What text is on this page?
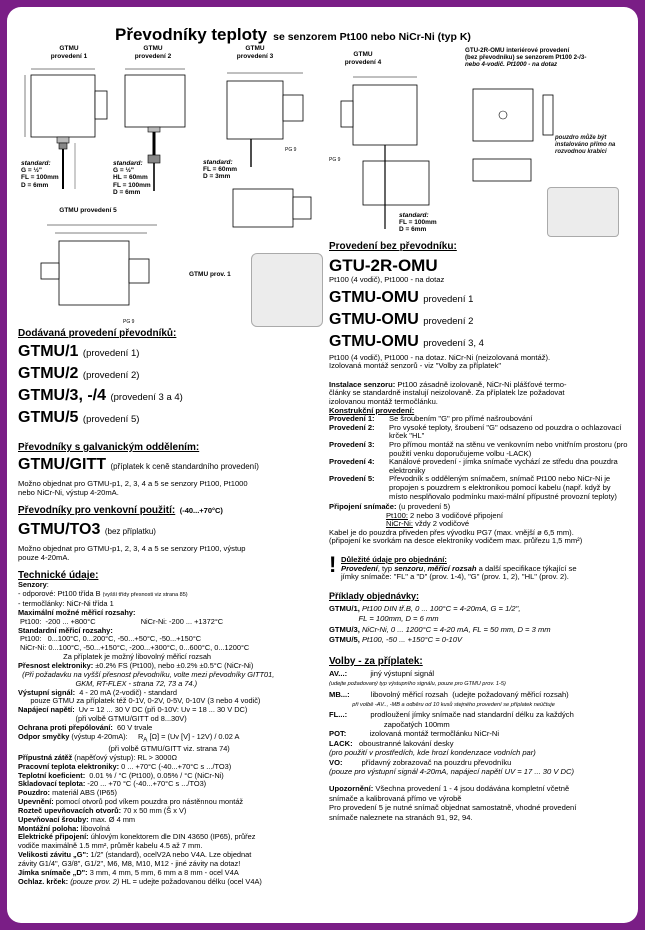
Převodníky teploty se senzorem Pt100 nebo NiCr-Ni (typ K)
GTMU
provedení 1
standard:
G = ½"
FL = 100mm
D = 6mm
GTMU
provedení 2
standard:
G = ½"
HL = 60mm
FL = 100mm
D = 6mm
GTMU
provedení 3
PG 9
standard:
FL = 60mm
D = 3mm
GTMU
provedení 4
PG 9
standard:
FL = 100mm
D = 6mm
GTU-2R-OMU interiérové provedení
(bez převodníku) se senzorem Pt100 2-/3-
nebo 4-vodič. Pt1000 - na dotaz
pouzdro může být
instalováno přímo na
rozvodnou krabici
GTMU provedení 5
PG 9
GTMU prov. 1
Dodávaná provedení převodníků:
GTMU/1 (provedení 1)
GTMU/2 (provedení 2)
GTMU/3, -/4 (provedení 3 a 4)
GTMU/5 (provedení 5)
Převodníky s galvanickým oddělením:
GTMU/GITT (příplatek k ceně standardního provedení)
Možno objednat pro GTMU-p1, 2, 3, 4 a 5 se senzory Pt100, Pt1000
nebo NiCr-Ni, výstup 4-20mA.
Převodníky pro venkovní použití: (-40...+70°C)
GTMU/TO3 (bez příplatku)
Možno objednat pro GTMU-p1, 2, 3, 4 a 5 se senzory Pt100, výstup
pouze 4-20mA.
Technické údaje:
Senzory:
- odporové: Pt100 třída B (vyšší třídy přesnosti viz strana 85)
- termočlánky: NiCr-Ni třída 1
Maximální možné měřicí rozsahy:
Pt100:  -200 ... +800°C                      NiCr-Ni: -200 ... +1372°C
Standardní měřicí rozsahy:
Pt100:   0...100°C, 0...200°C, -50...+50°C, -50...+150°C
NiCr-Ni: 0...100°C, -50...+150°C, -200...+300°C, 0...600°C, 0...1200°C
Za příplatek je možný libovolný měřicí rozsah
Přesnost elektroniky: ±0.2% FS (Pt100), nebo ±0.2% ±0.5°C (NiCr-Ni)
(Při požadavku na vyšší přesnost převodníku, volte mezi převodníky GITT01,
GKM, RT-FLEX - strana 72, 73 a 74.)
Výstupní signál:  4 - 20 mA (2-vodič) - standard
pouze GTMU za příplatek též 0-1V, 0-2V, 0-5V, 0-10V (3 nebo 4 vodič)
Napájecí napětí:  Uv = 12 ... 30 V DC (při 0-10V: Uv = 18 ... 30 V DC)
(při volbě GTMU/GITT od 8...30V)
Ochrana proti přepólování:  60 V trvale
Odpor smyčky (výstup 4-20mA):     $R_A$ [Ω] = (Uv [V] - 12V) / 0.02 A
(při volbě GTMU/GITT viz. strana 74)
Přípustná zátěž (napěťový výstup): RL > 3000Ω
Pracovní teplota elektroniky: 0 ... +70°C (-40...+70°C s .../TO3)
Teplotní koeficient:  0.01 % / °C (Pt100), 0.05% / °C (NiCr-Ni)
Skladovací teplota: -20 ... +70 °C (-40...+70°C s .../TO3)
Pouzdro: materiál ABS (IP65)
Upevnění: pomocí otvorů pod víkem pouzdra pro nástěnnou montáž
Rozteč upevňovacích otvorů: 70 x 50 mm (Š x V)
Upevňovací šrouby: max. Ø 4 mm
Montážní poloha: libovolná
Elektrické připojení: úhlovým konektorem dle DIN 43650 (IP65), průřez
vodiče maximálně 1.5 mm², průměr kabelu 4.5 až 7 mm.
Velikosti závitu „G": 1/2" (standard), ocelV2A nebo V4A. Lze objednat
závity G1/4", G3/8", G1/2", M6, M8, M10, M12 - jiné závity na dotaz!
Jímka snímače „D": 3 mm, 4 mm, 5 mm, 6 mm a 8 mm - ocel V4A
Ochlaz. krček: (pouze prov. 2) HL = udejte požadovanou délku (ocel V4A)
Provedení bez převodníku:
GTU-2R-OMU
Pt100 (4 vodič), Pt1000 - na dotaz
GTMU-OMU provedení 1
GTMU-OMU provedení 2
GTMU-OMU provedení 3, 4
Pt100 (4 vodič), Pt1000 - na dotaz. NiCr-Ni (neizolovaná montáž).
Izolovaná montáž senzorů - viz "Volby za příplatek"
Instalace senzoru: Pt100 zásadně izolovaně, NiCr-Ni plášťové termo-
články se standardně instalují neizolovaně. Za příplatek lze požadovat
izolovanou montáž termočlánku.
Konstrukční provedení:
Provedení 1:	Se šroubením "G" pro přímé našroubování
Provedení 2:	Pro vysoké teploty, šroubení "G" odsazeno od pouzdra o ochlazovací krček "HL"
Provedení 3:	Pro přímou montáž na stěnu ve venkovním nebo vnitřním prostoru (pro použití venku doporučujeme volbu -LACK)
Provedení 4:	Kanálové provedení - jímka snímače vychází ze středu dna pouzdra elektroniky
Provedení 5:	Převodník s odděleným snímačem, snímač Pt100 nebo NiCr-Ni je propojen s pouzdrem s elektronikou pomocí kabelu (např. když by místo nesplňovalo podmínku maxi-mální přípustné provozní teploty)
Připojení snímače: (u provedení 5)
Pt100: 2 nebo 3 vodičové připojení
NiCr-Ni: vždy 2 vodičové
Kabel je do pouzdra přiveden přes vývodku PG7 (max. vnější ø 6,5 mm).
(připojení ke svorkám na desce elektroniky vodičem max. průřezu 1,5 mm²)
! Důležité údaje pro objednání:
Provedení, typ senzoru, měřicí rozsah a další specifikace týkající se
jímky snímače: "FL" a "D" (prov. 1-4), "G" (prov. 1, 2), "HL" (prov. 2).
Příklady objednávky:
GTMU/1, Pt100 DIN tř.B, 0 ... 100°C = 4-20mA, G = 1/2",
FL = 100mm, D = 6 mm
GTMU/3, NiCr-Ni, 0 ... 1200°C = 4-20 mA, FL = 50 mm, D = 3 mm
GTMU/5, Pt100, -50 ... +150°C = 0-10V
Volby - za příplatek:
AV...:           jiný výstupní signál
(udejte požadovaný typ výstupního signálu, pouze pro GTMU prov. 1-5)
MB...:          libovolný měřicí rozsah  (udejte požadovaný měřicí rozsah)
při volbě -AV.., -MB a odběru od 10 kusů stejného provedení se příplatek neúčtuje
FL...:           prodloužení jímky snímače nad standardní délku za každých
započatých 100mm
POT:           izolovaná montáž termočlánku NiCr-Ni
LACK:   oboustranné lakování desky
(pro použití v prostředích, kde hrozí kondenzace vodních par)
VO:         přídavný zobrazovač na pouzdru převodníku
(pouze pro výstupní signál 4-20mA, napájecí napětí UV = 17 ... 30 V DC)
Upozornění: Všechna provedení 1 - 4 jsou dodávána kompletní včetně
snímače a kalibrovaná přímo ve výrobě
Pro provedení 5 je nutné snímač objednat samostatně, vhodné provedení
snímače naleznete na stranách 91, 92, 94.
